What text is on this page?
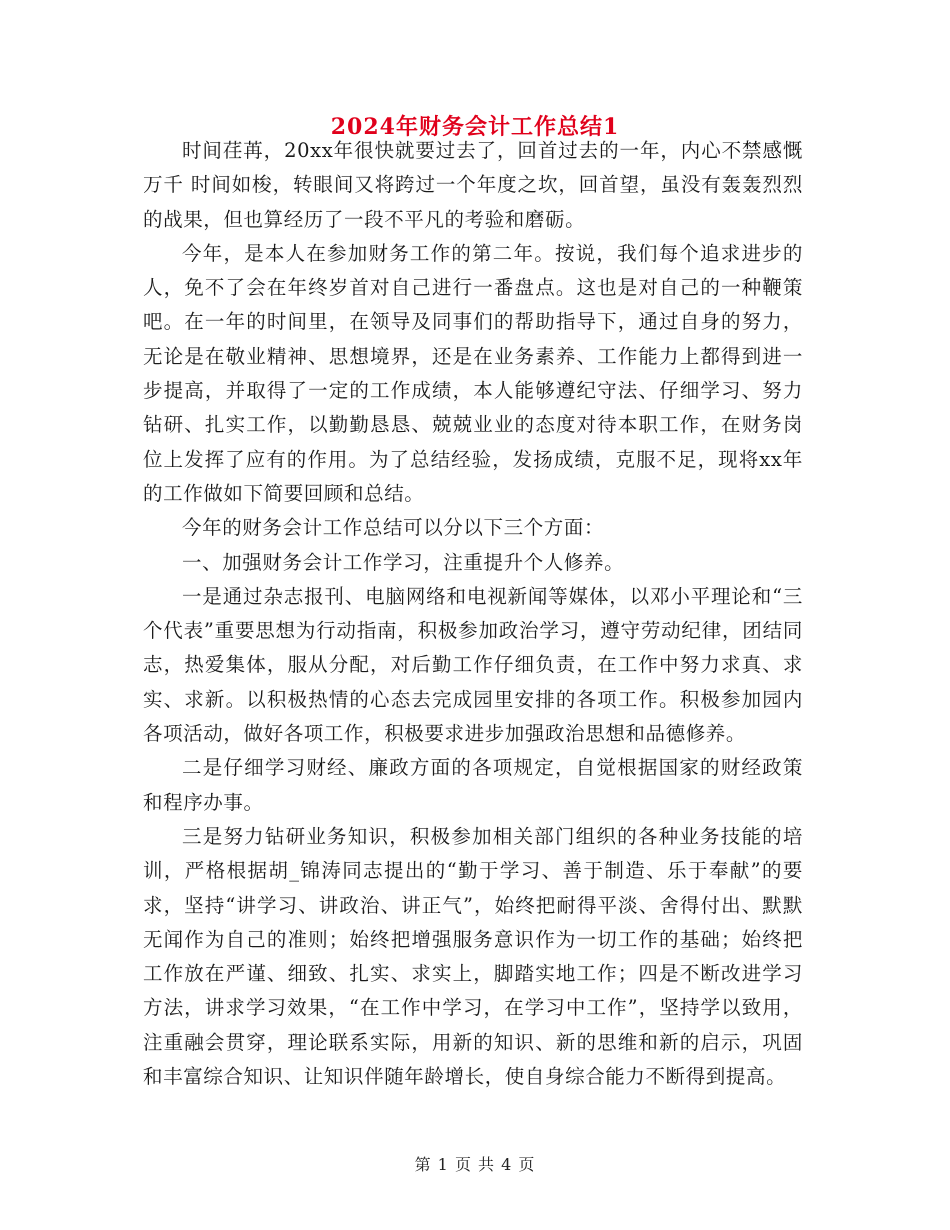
2024年财务会计工作总结1

时间荏苒，20xx年很快就要过去了，回首过去的一年，内心不禁感慨万千 时间如梭，转眼间又将跨过一个年度之坎，回首望，虽没有轰轰烈烈的战果，但也算经历了一段不平凡的考验和磨砺。

今年，是本人在参加财务工作的第二年。按说，我们每个追求进步的人，免不了会在年终岁首对自己进行一番盘点。这也是对自己的一种鞭策吧。在一年的时间里，在领导及同事们的帮助指导下，通过自身的努力，无论是在敬业精神、思想境界，还是在业务素养、工作能力上都得到进一步提高，并取得了一定的工作成绩，本人能够遵纪守法、仔细学习、努力钻研、扎实工作，以勤勤恳恳、兢兢业业的态度对待本职工作，在财务岗位上发挥了应有的作用。为了总结经验，发扬成绩，克服不足，现将xx年的工作做如下简要回顾和总结。

今年的财务会计工作总结可以分以下三个方面：

一、加强财务会计工作学习，注重提升个人修养。

一是通过杂志报刊、电脑网络和电视新闻等媒体，以邓小平理论和“三个代表”重要思想为行动指南，积极参加政治学习，遵守劳动纪律，团结同志，热爱集体，服从分配，对后勤工作仔细负责，在工作中努力求真、求实、求新。以积极热情的心态去完成园里安排的各项工作。积极参加园内各项活动，做好各项工作，积极要求进步加强政治思想和品德修养。

二是仔细学习财经、廉政方面的各项规定，自觉根据国家的财经政策和程序办事。

三是努力钻研业务知识，积极参加相关部门组织的各种业务技能的培训，严格根据胡_锦涛同志提出的“勤于学习、善于制造、乐于奉献”的要求，坚持“讲学习、讲政治、讲正气”，始终把耐得平淡、舍得付出、默默无闻作为自己的准则；始终把增强服务意识作为一切工作的基础；始终把工作放在严谨、细致、扎实、求实上，脚踏实地工作；四是不断改进学习方法，讲求学习效果，“在工作中学习，在学习中工作”，坚持学以致用，注重融会贯穿，理论联系实际，用新的知识、新的思维和新的启示，巩固和丰富综合知识、让知识伴随年龄增长，使自身综合能力不断得到提高。

第 1 页 共 4 页
